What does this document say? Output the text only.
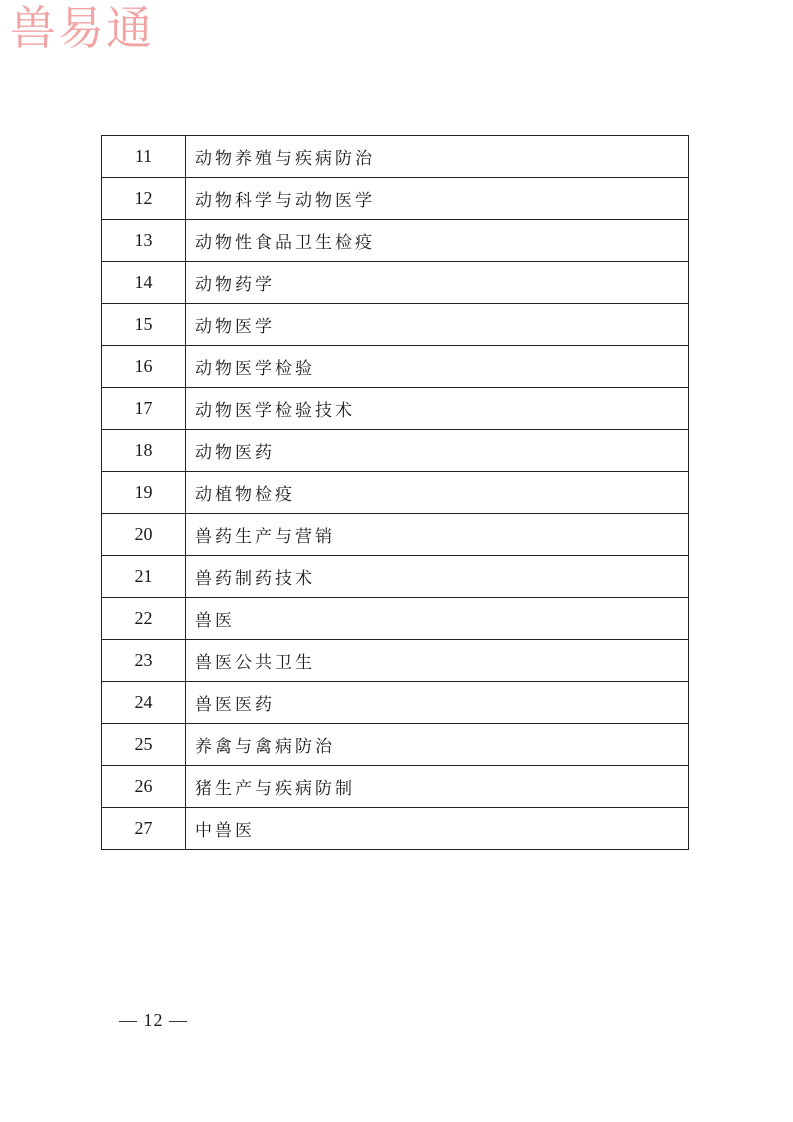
兽易通
11	动物养殖与疾病防治
12	动物科学与动物医学
13	动物性食品卫生检疫
14	动物药学
15	动物医学
16	动物医学检验
17	动物医学检验技术
18	动物医药
19	动植物检疫
20	兽药生产与营销
21	兽药制药技术
22	兽医
23	兽医公共卫生
24	兽医医药
25	养禽与禽病防治
26	猪生产与疾病防制
27	中兽医
— 12 —
